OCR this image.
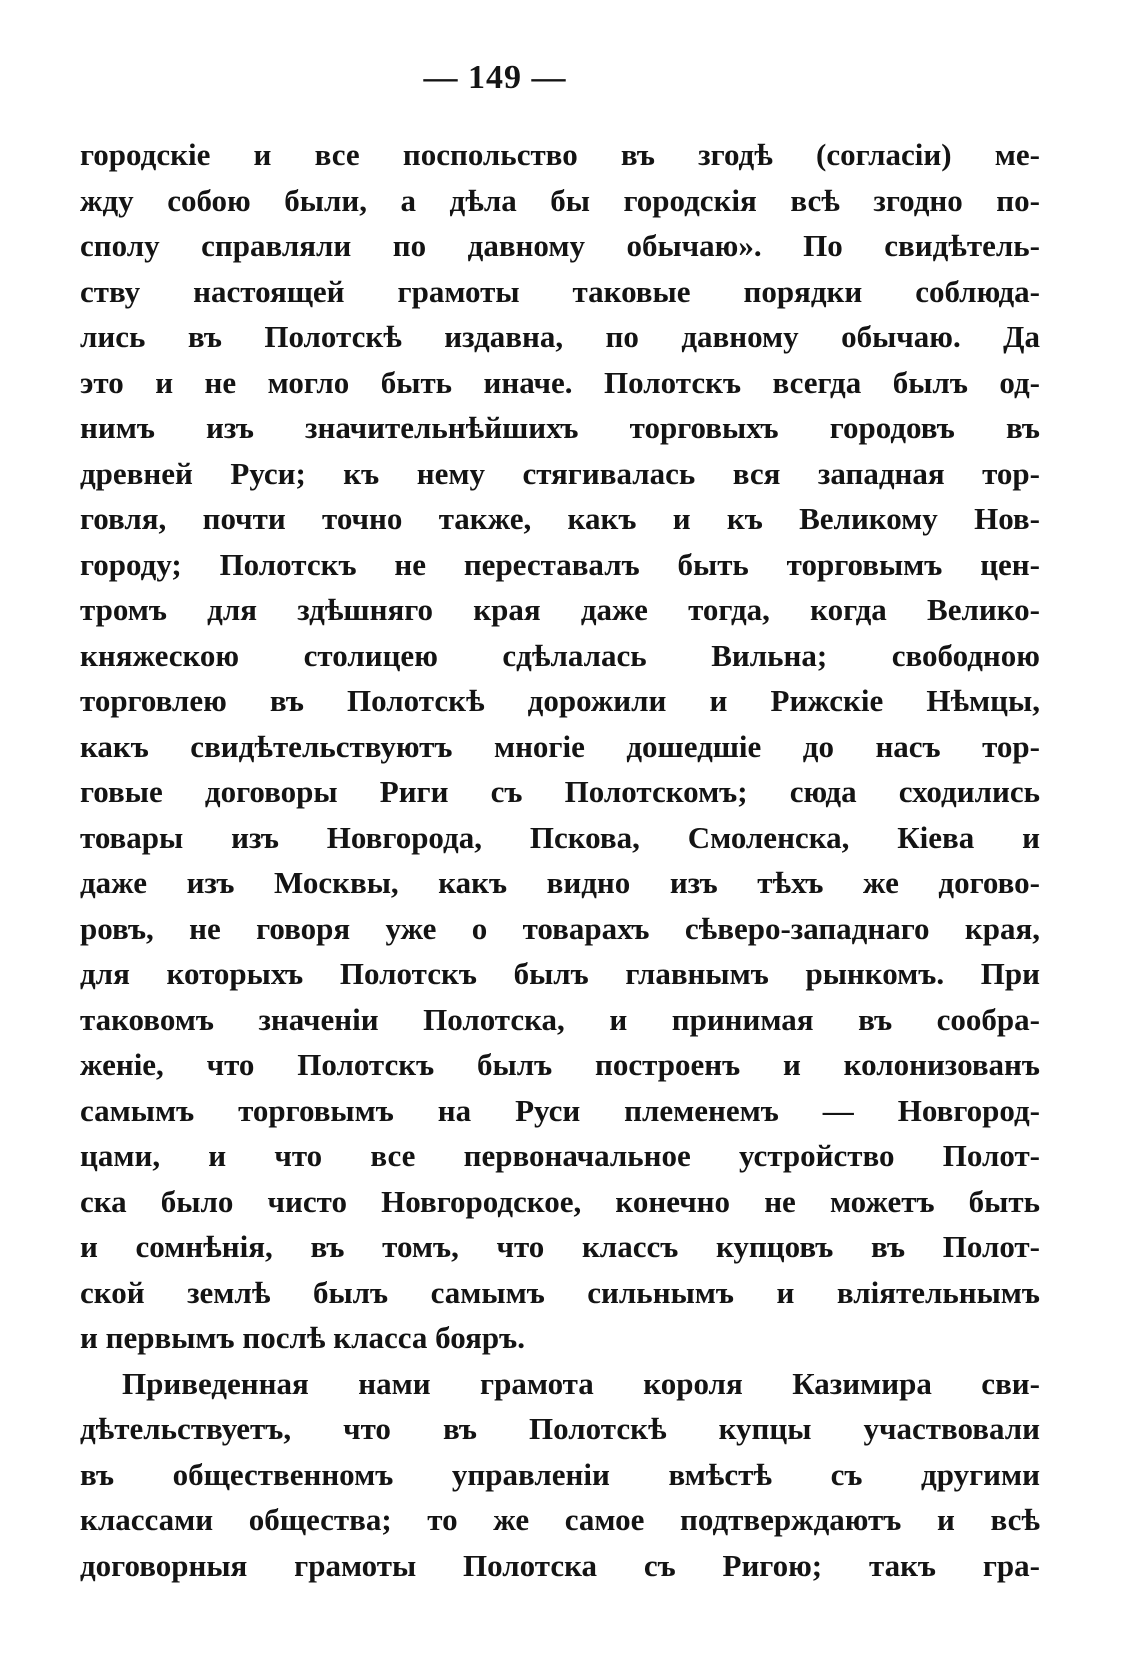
— 149 —
городскіе и все поспольство въ згодѣ (согласіи) ме-
жду собою были, а дѣла бы городскія всѣ згодно по-
сполу справляли по давному обычаю». По свидѣтель-
ству настоящей грамоты таковые порядки соблюда-
лись въ Полотскѣ издавна, по давному обычаю. Да
это и не могло быть иначе. Полотскъ всегда былъ од-
нимъ изъ значительнѣйшихъ торговыхъ городовъ въ
древней Руси; къ нему стягивалась вся западная тор-
говля, почти точно также, какъ и къ Великому Нов-
городу; Полотскъ не переставалъ быть торговымъ цен-
тромъ для здѣшняго края даже тогда, когда Велико-
княжескою столицею сдѣлалась Вильна; свободною
торговлею въ Полотскѣ дорожили и Рижскіе Нѣмцы,
какъ свидѣтельствуютъ многіе дошедшіе до насъ тор-
говые договоры Риги съ Полотскомъ; сюда сходились
товары изъ Новгорода, Пскова, Смоленска, Кіева и
даже изъ Москвы, какъ видно изъ тѣхъ же догово-
ровъ, не говоря уже о товарахъ сѣверо-западнаго края,
для которыхъ Полотскъ былъ главнымъ рынкомъ. При
таковомъ значеніи Полотска, и принимая въ сообра-
женіе, что Полотскъ былъ построенъ и колонизованъ
самымъ торговымъ на Руси племенемъ — Новгород-
цами, и что все первоначальное устройство Полот-
ска было чисто Новгородское, конечно не можетъ быть
и сомнѣнія, въ томъ, что классъ купцовъ въ Полот-
ской землѣ былъ самымъ сильнымъ и вліятельнымъ
и первымъ послѣ класса бояръ.
Приведенная нами грамота короля Казимира сви-
дѣтельствуетъ, что въ Полотскѣ купцы участвовали
въ общественномъ управленіи вмѣстѣ съ другими
классами общества; то же самое подтверждаютъ и всѣ
договорныя грамоты Полотска съ Ригою; такъ гра-
